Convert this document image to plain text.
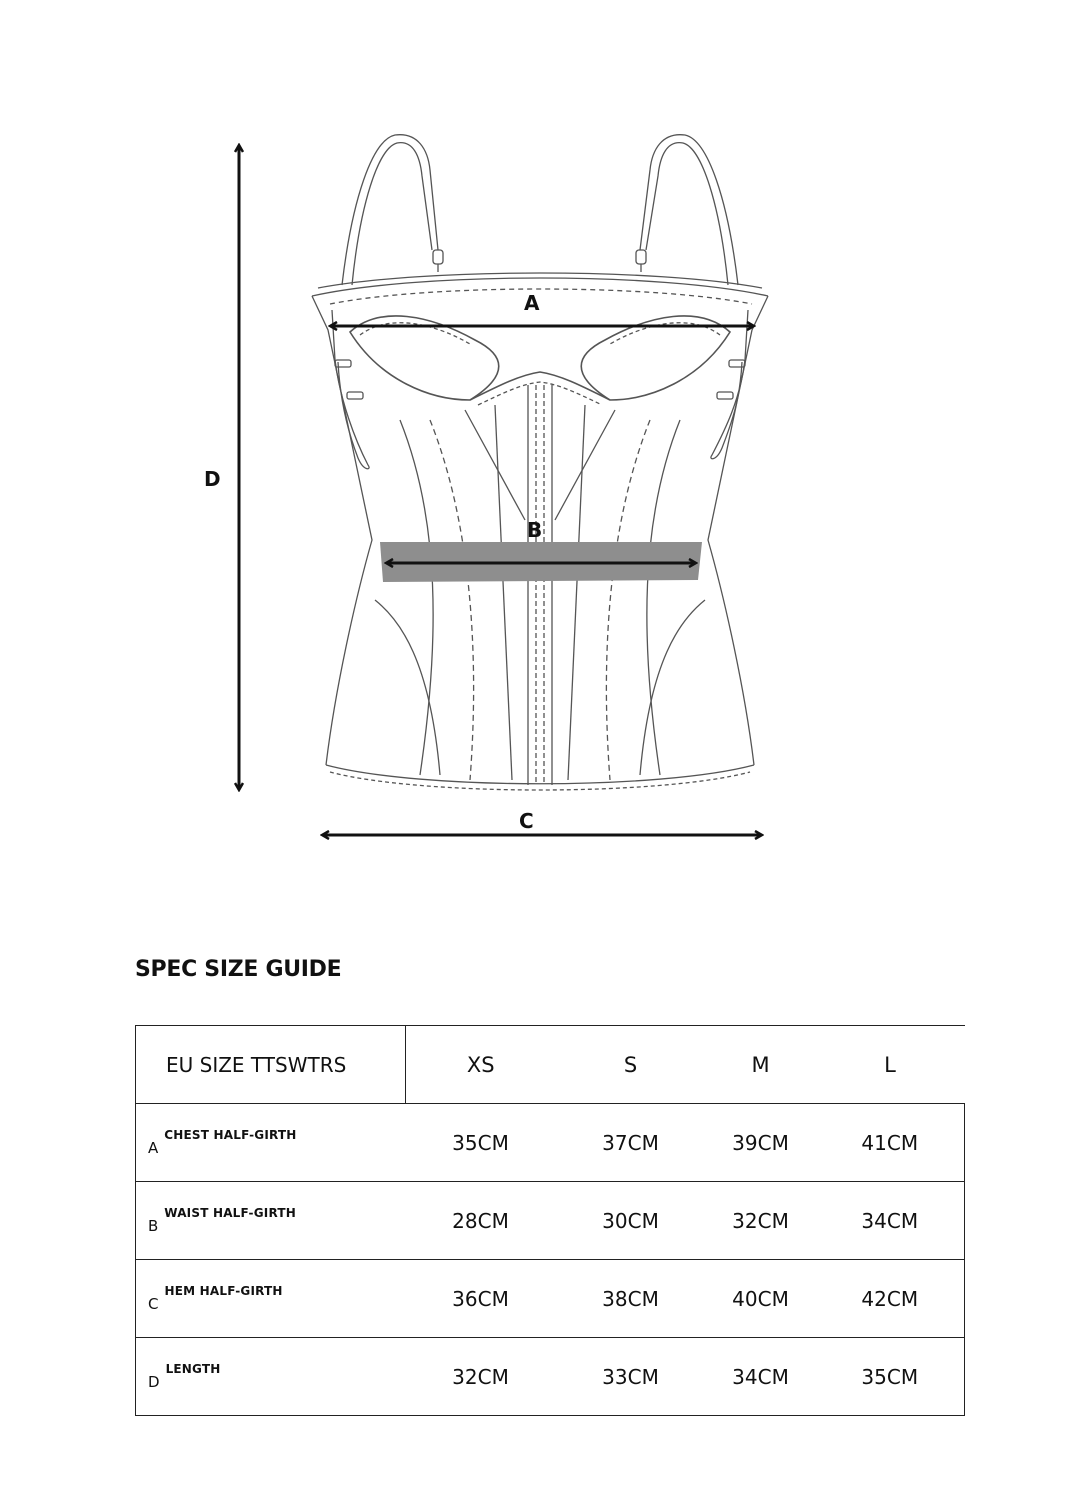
A
B
C
D
SPEC SIZE GUIDE
EU SIZE TTSWTRS	XS	S	M	L
$A^{CHEST HALF-GIRTH}$	35CM	37CM	39CM	41CM
$B^{WAIST HALF-GIRTH}$	28CM	30CM	32CM	34CM
$C^{HEM HALF-GIRTH}$	36CM	38CM	40CM	42CM
$D^{LENGTH}$	32CM	33CM	34CM	35CM
